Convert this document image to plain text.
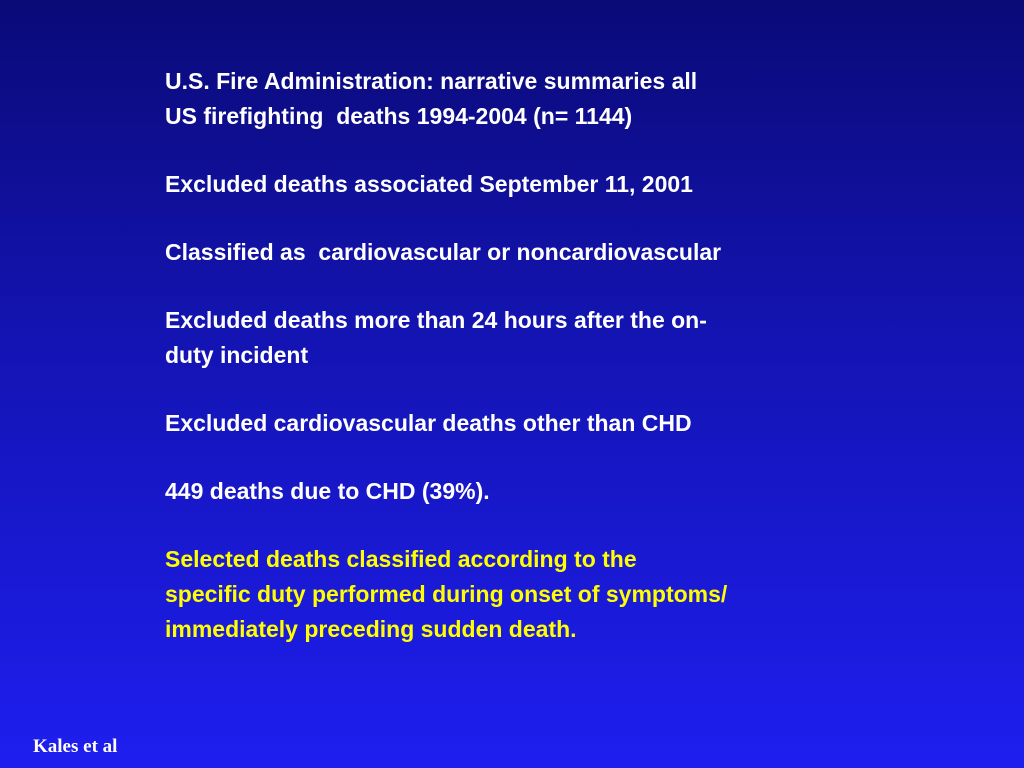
U.S. Fire Administration: narrative summaries all
US firefighting  deaths 1994-2004 (n= 1144)
Excluded deaths associated September 11, 2001
Classified as  cardiovascular or noncardiovascular
Excluded deaths more than 24 hours after the on-
duty incident
Excluded cardiovascular deaths other than CHD
449 deaths due to CHD (39%).
Selected deaths classified according to the
specific duty performed during onset of symptoms/
immediately preceding sudden death.
Kales et al
